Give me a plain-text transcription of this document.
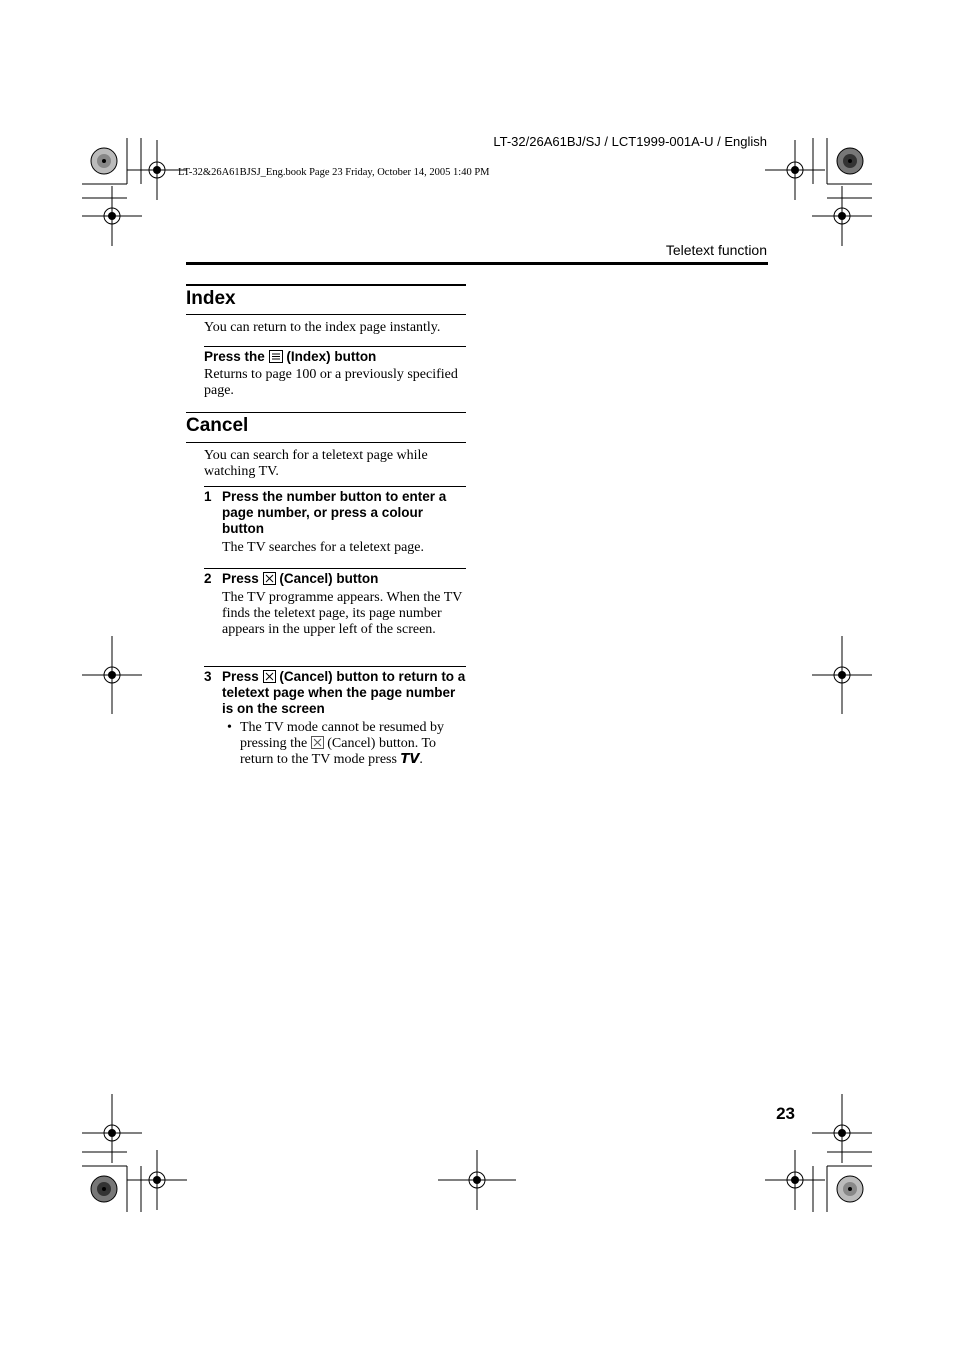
LT-32/26A61BJ/SJ / LCT1999-001A-U / English
LT-32&26A61BJSJ_Eng.book Page 23 Friday, October 14, 2005 1:40 PM
Teletext function
Index
You can return to the index page instantly.
Press the (Index) button
Returns to page 100 or a previously specified page.
Cancel
You can search for a teletext page while watching TV.
1 Press the number button to enter a page number, or press a colour button
The TV searches for a teletext page.
2 Press (Cancel) button
The TV programme appears. When the TV finds the teletext page, its page number appears in the upper left of the screen.
3 Press (Cancel) button to return to a teletext page when the page number is on the screen
• The TV mode cannot be resumed by pressing the (Cancel) button. To return to the TV mode press TV.
23
